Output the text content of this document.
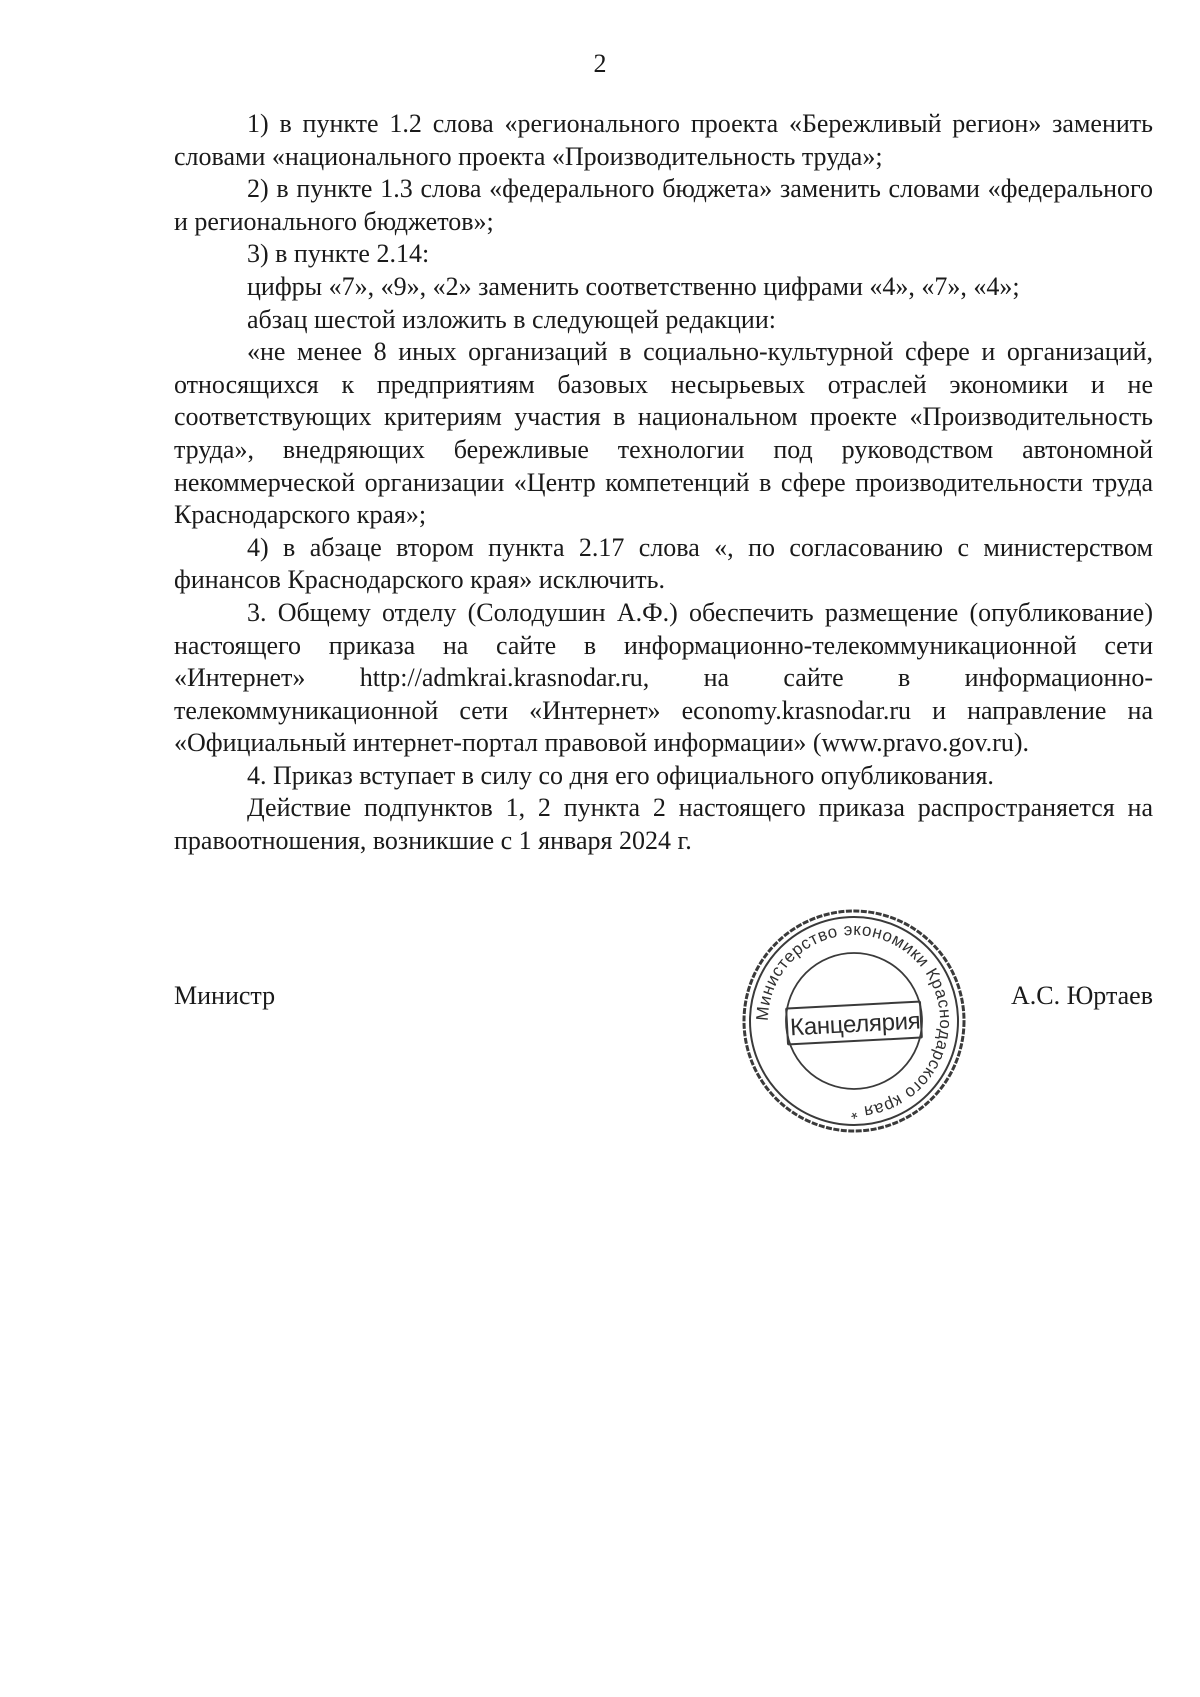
2

1) в пункте 1.2 слова «регионального проекта «Бережливый регион» заменить словами «национального проекта «Производительность труда»;

2) в пункте 1.3 слова «федерального бюджета» заменить словами «федерального и регионального бюджетов»;

3) в пункте 2.14:

цифры «7», «9», «2» заменить соответственно цифрами «4», «7», «4»;

абзац шестой изложить в следующей редакции:

«не менее 8 иных организаций в социально-культурной сфере и организаций, относящихся к предприятиям базовых несырьевых отраслей экономики и не соответствующих критериям участия в национальном проекте «Производительность труда», внедряющих бережливые технологии под руководством автономной некоммерческой организации «Центр компетенций в сфере производительности труда Краснодарского края»;

4) в абзаце втором пункта 2.17 слова «, по согласованию с министерством финансов Краснодарского края» исключить.

3. Общему отделу (Солодушин А.Ф.) обеспечить размещение (опубликование) настоящего приказа на сайте в информационно-телекоммуникационной сети «Интернет» http://admkrai.krasnodar.ru, на сайте в информационно-телекоммуникационной сети «Интернет» economy.krasnodar.ru и направление на «Официальный интернет-портал правовой информации» (www.pravo.gov.ru).

4. Приказ вступает в силу со дня его официального опубликования.

Действие подпунктов 1, 2 пункта 2 настоящего приказа распространяется на правоотношения, возникшие с 1 января 2024 г.

Министр	А.С. Юртаев
Министерство экономики Краснодарского края *
Канцелярия
